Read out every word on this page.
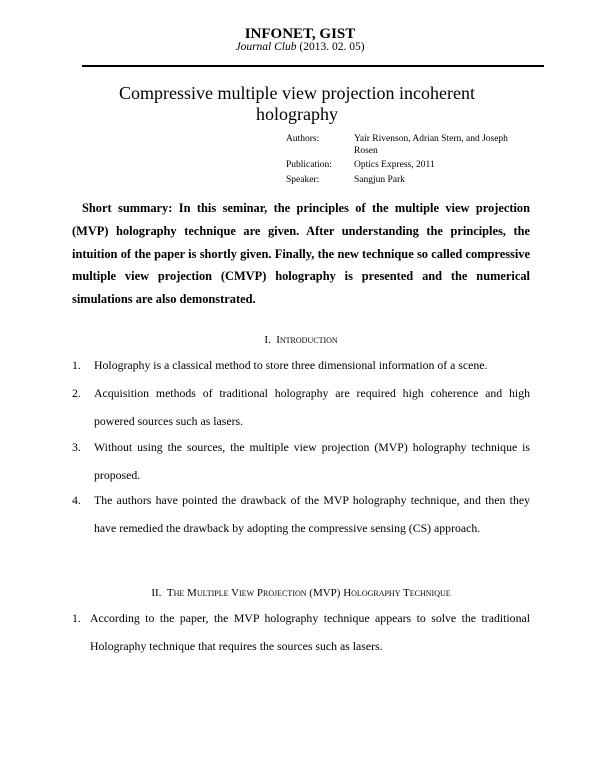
INFONET, GIST
Journal Club (2013. 02. 05)
Compressive multiple view projection incoherent holography
Authors:	Yair Rivenson, Adrian Stern, and Joseph Rosen
Publication:	Optics Express, 2011
Speaker:	Sangjun Park
Short summary: In this seminar, the principles of the multiple view projection (MVP) holography technique are given. After understanding the principles, the intuition of the paper is shortly given. Finally, the new technique so called compressive multiple view projection (CMVP) holography is presented and the numerical simulations are also demonstrated.
I. Introduction
1.	Holography is a classical method to store three dimensional information of a scene.
2.	Acquisition methods of traditional holography are required high coherence and high powered sources such as lasers.
3.	Without using the sources, the multiple view projection (MVP) holography technique is proposed.
4.	The authors have pointed the drawback of the MVP holography technique, and then they have remedied the drawback by adopting the compressive sensing (CS) approach.
II. The Multiple View Projection (MVP) Holography Technique
1. According to the paper, the MVP holography technique appears to solve the traditional Holography technique that requires the sources such as lasers.
